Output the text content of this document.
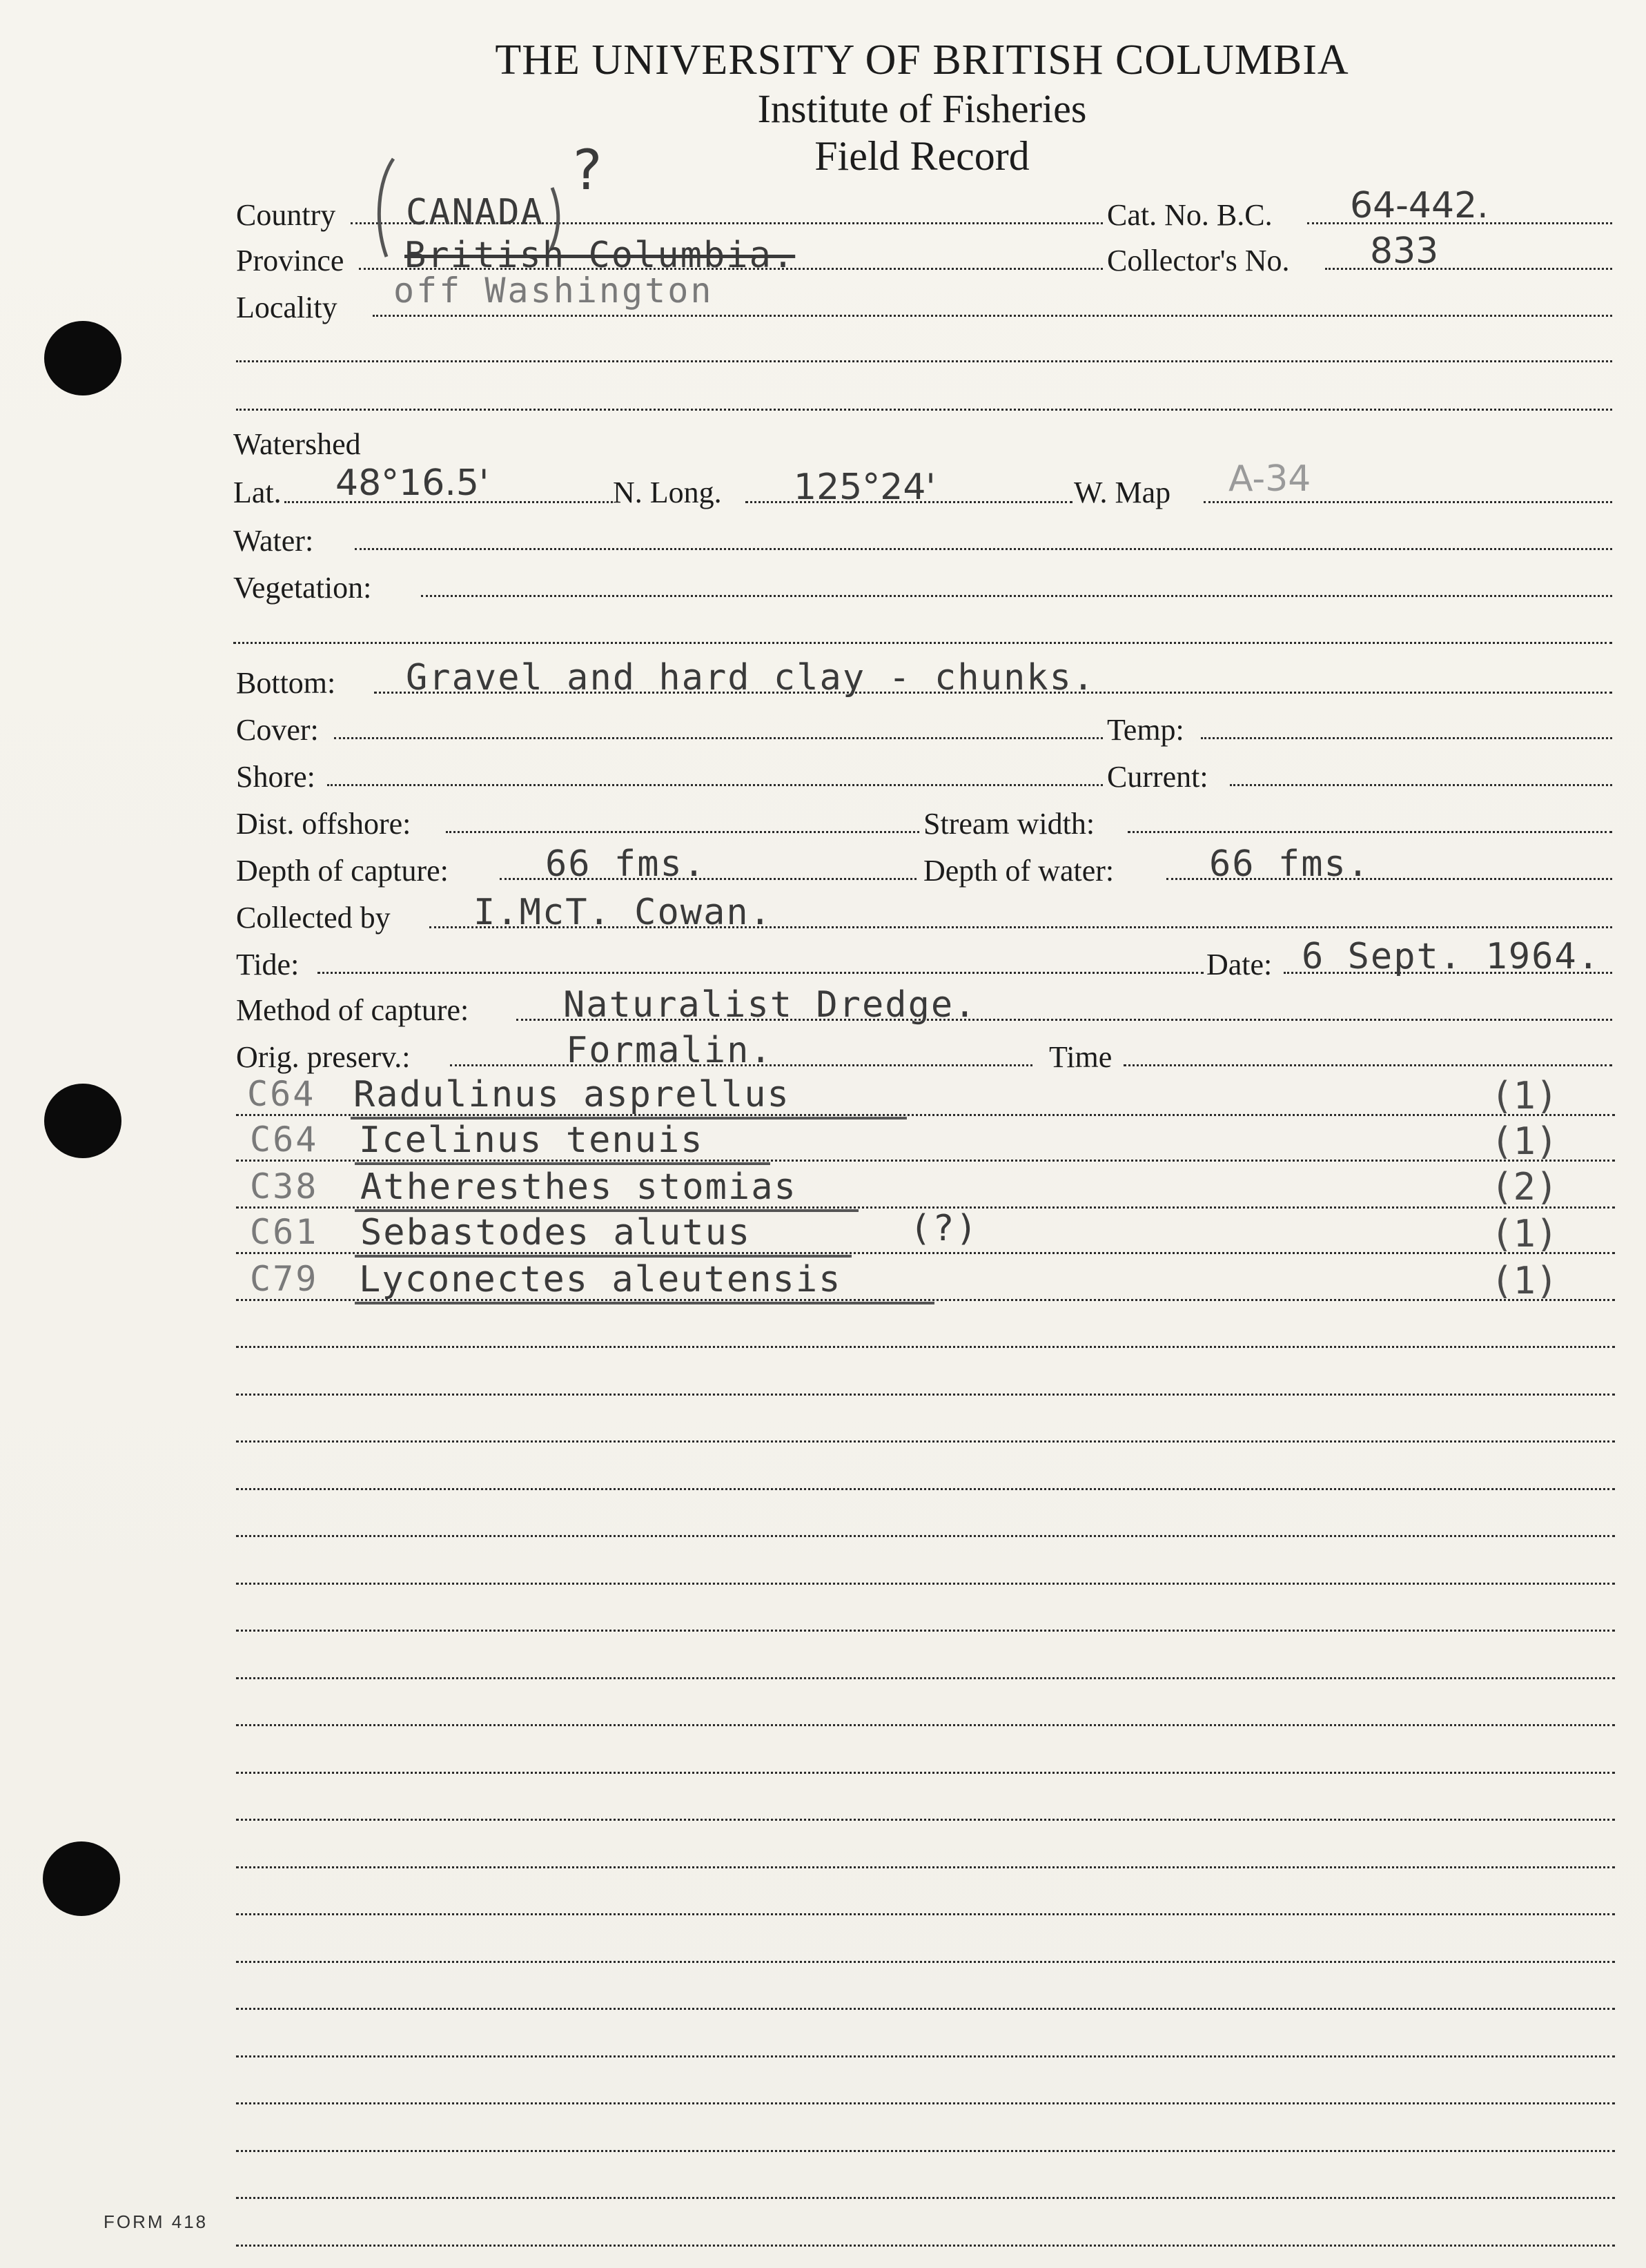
THE UNIVERSITY OF BRITISH COLUMBIA
Institute of Fisheries
Field Record
Country CANADA
?
Cat. No. B.C. 64-442.
Province British Columbia.	Collector's No. 833
Locality off Washington
Watershed
Lat. 48°16.5'	N. Long. 125°24'	W. Map A-34
Water:
Vegetation:
Bottom: Gravel and hard clay - chunks.
Cover:	Temp:
Shore:	Current:
Dist. offshore:	Stream width:
Depth of capture:	66 fms.	Depth of water:	66 fms.
Collected by I.McT. Cowan.
Tide:	Date: 6 Sept. 1964.
Method of capture:	Naturalist Dredge.
Orig. preserv.:	Formalin.	Time
C64 Radulinus asprellus	(1)
C64 Icelinus tenuis	(1)
C38 Atheresthes stomias	(2)
C61 Sebastodes alutus	(?)	(1)
C79 Lyconectes aleutensis	(1)
FORM 418
